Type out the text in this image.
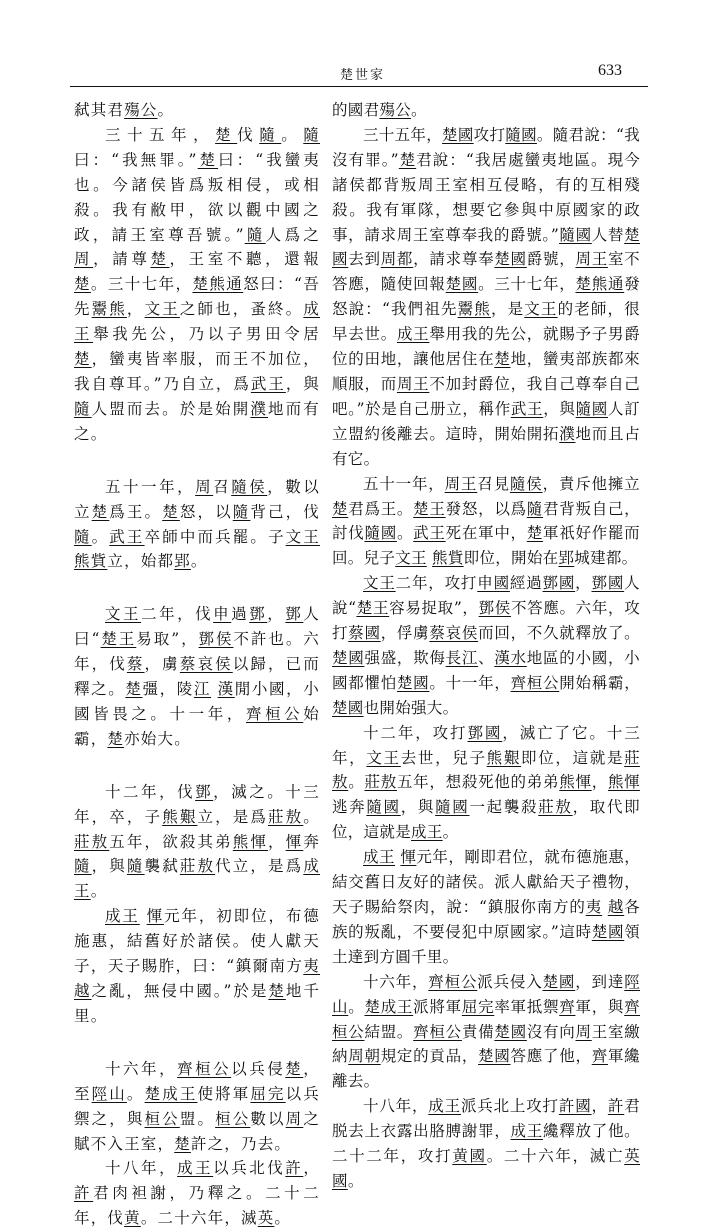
楚世家	633

弑其君殤公。

三十五年，楚伐隨。隨曰：“我無罪。”楚曰：“我蠻夷也。今諸侯皆爲叛相侵，或相殺。我有敝甲，欲以觀中國之政，請王室尊吾號。”隨人爲之周，請尊楚，王室不聽，還報楚。三十七年，楚熊通怒曰：“吾先鬻熊，文王之師也，蚤終。成王舉我先公，乃以子男田令居楚，蠻夷皆率服，而王不加位，我自尊耳。”乃自立，爲武王，與隨人盟而去。於是始開濮地而有之。

五十一年，周召隨侯，數以立楚爲王。楚怒，以隨背己，伐隨。武王卒師中而兵罷。子文王 熊貲立，始都郢。

文王二年，伐申過鄧，鄧人曰“楚王易取”，鄧侯不許也。六年，伐蔡，虜蔡哀侯以歸，已而釋之。楚彊，陵江 漢閒小國，小國皆畏之。十一年，齊桓公始霸，楚亦始大。

十二年，伐鄧，滅之。十三年，卒，子熊艱立，是爲莊敖。莊敖五年，欲殺其弟熊惲，惲奔隨，與隨襲弑莊敖代立，是爲成王。

成王 惲元年，初即位，布德施惠，結舊好於諸侯。使人獻天子，天子賜胙，曰：“鎮爾南方夷 越之亂，無侵中國。”於是楚地千里。

十六年，齊桓公以兵侵楚，至陘山。楚成王使將軍屈完以兵禦之，與桓公盟。桓公數以周之賦不入王室，楚許之，乃去。

十八年，成王以兵北伐許，許君肉袒謝，乃釋之。二十二年，伐黄。二十六年，滅英。

的國君殤公。

三十五年，楚國攻打隨國。隨君說：“我沒有罪。”楚君說：“我居處蠻夷地區。現今諸侯都背叛周王室相互侵略，有的互相殘殺。我有軍隊，想要它參與中原國家的政事，請求周王室尊奉我的爵號。”隨國人替楚國去到周都，請求尊奉楚國爵號，周王室不答應，隨使回報楚國。三十七年，楚熊通發怒說：“我們祖先鬻熊，是文王的老師，很早去世。成王舉用我的先公，就賜予子男爵位的田地，讓他居住在楚地，蠻夷部族都來順服，而周王不加封爵位，我自己尊奉自己吧。”於是自己册立，稱作武王，與隨國人訂立盟約後離去。這時，開始開拓濮地而且占有它。

五十一年，周王召見隨侯，責斥他擁立楚君爲王。楚王發怒，以爲隨君背叛自己，討伐隨國。武王死在軍中，楚軍祇好作罷而回。兒子文王 熊貲即位，開始在郢城建都。

文王二年，攻打申國經過鄧國，鄧國人說“楚王容易捉取”，鄧侯不答應。六年，攻打蔡國，俘虜蔡哀侯而回，不久就釋放了。楚國强盛，欺侮長江、漢水地區的小國，小國都懼怕楚國。十一年，齊桓公開始稱霸，楚國也開始强大。

十二年，攻打鄧國，滅亡了它。十三年，文王去世，兒子熊艱即位，這就是莊敖。莊敖五年，想殺死他的弟弟熊惲，熊惲逃奔隨國，與隨國一起襲殺莊敖，取代即位，這就是成王。

成王 惲元年，剛即君位，就布德施惠，結交舊日友好的諸侯。派人獻給天子禮物，天子賜給祭肉，說：“鎮服你南方的夷 越各族的叛亂，不要侵犯中原國家。”這時楚國領土達到方圓千里。

十六年，齊桓公派兵侵入楚國，到達陘山。楚成王派將軍屈完率軍抵禦齊軍，與齊桓公結盟。齊桓公責備楚國沒有向周王室繳納周朝規定的貢品，楚國答應了他，齊軍纔離去。

十八年，成王派兵北上攻打許國，許君脱去上衣露出胳膊謝罪，成王纔釋放了他。二十二年，攻打黄國。二十六年，滅亡英國。
